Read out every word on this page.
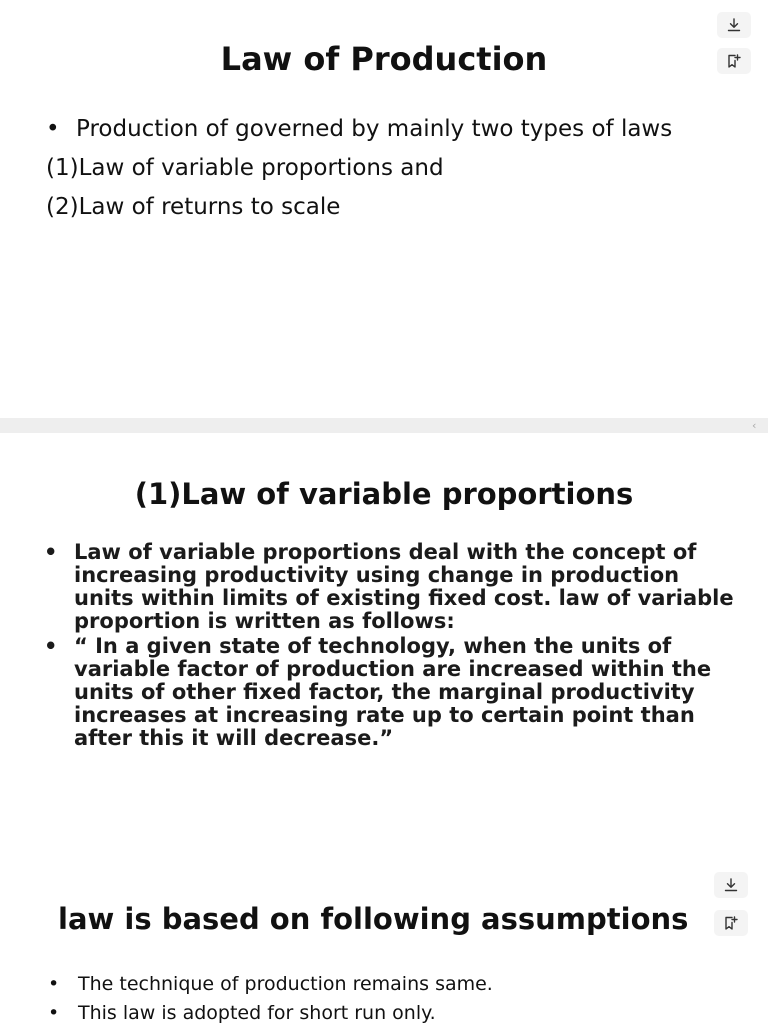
Law of Production
• Production of governed by mainly two types of laws
(1)Law of variable proportions and
(2)Law of returns to scale
‹
(1)Law of variable proportions
• Law of variable proportions deal with the concept of increasing productivity using change in production units within limits of existing fixed cost. law of variable proportion is written as follows:
• “ In a given state of technology, when the units of variable factor of production are increased within the units of other fixed factor, the marginal productivity increases at increasing rate up to certain point than after this it will decrease.”
law is based on following assumptions
• The technique of production remains same.
• This law is adopted for short run only.
